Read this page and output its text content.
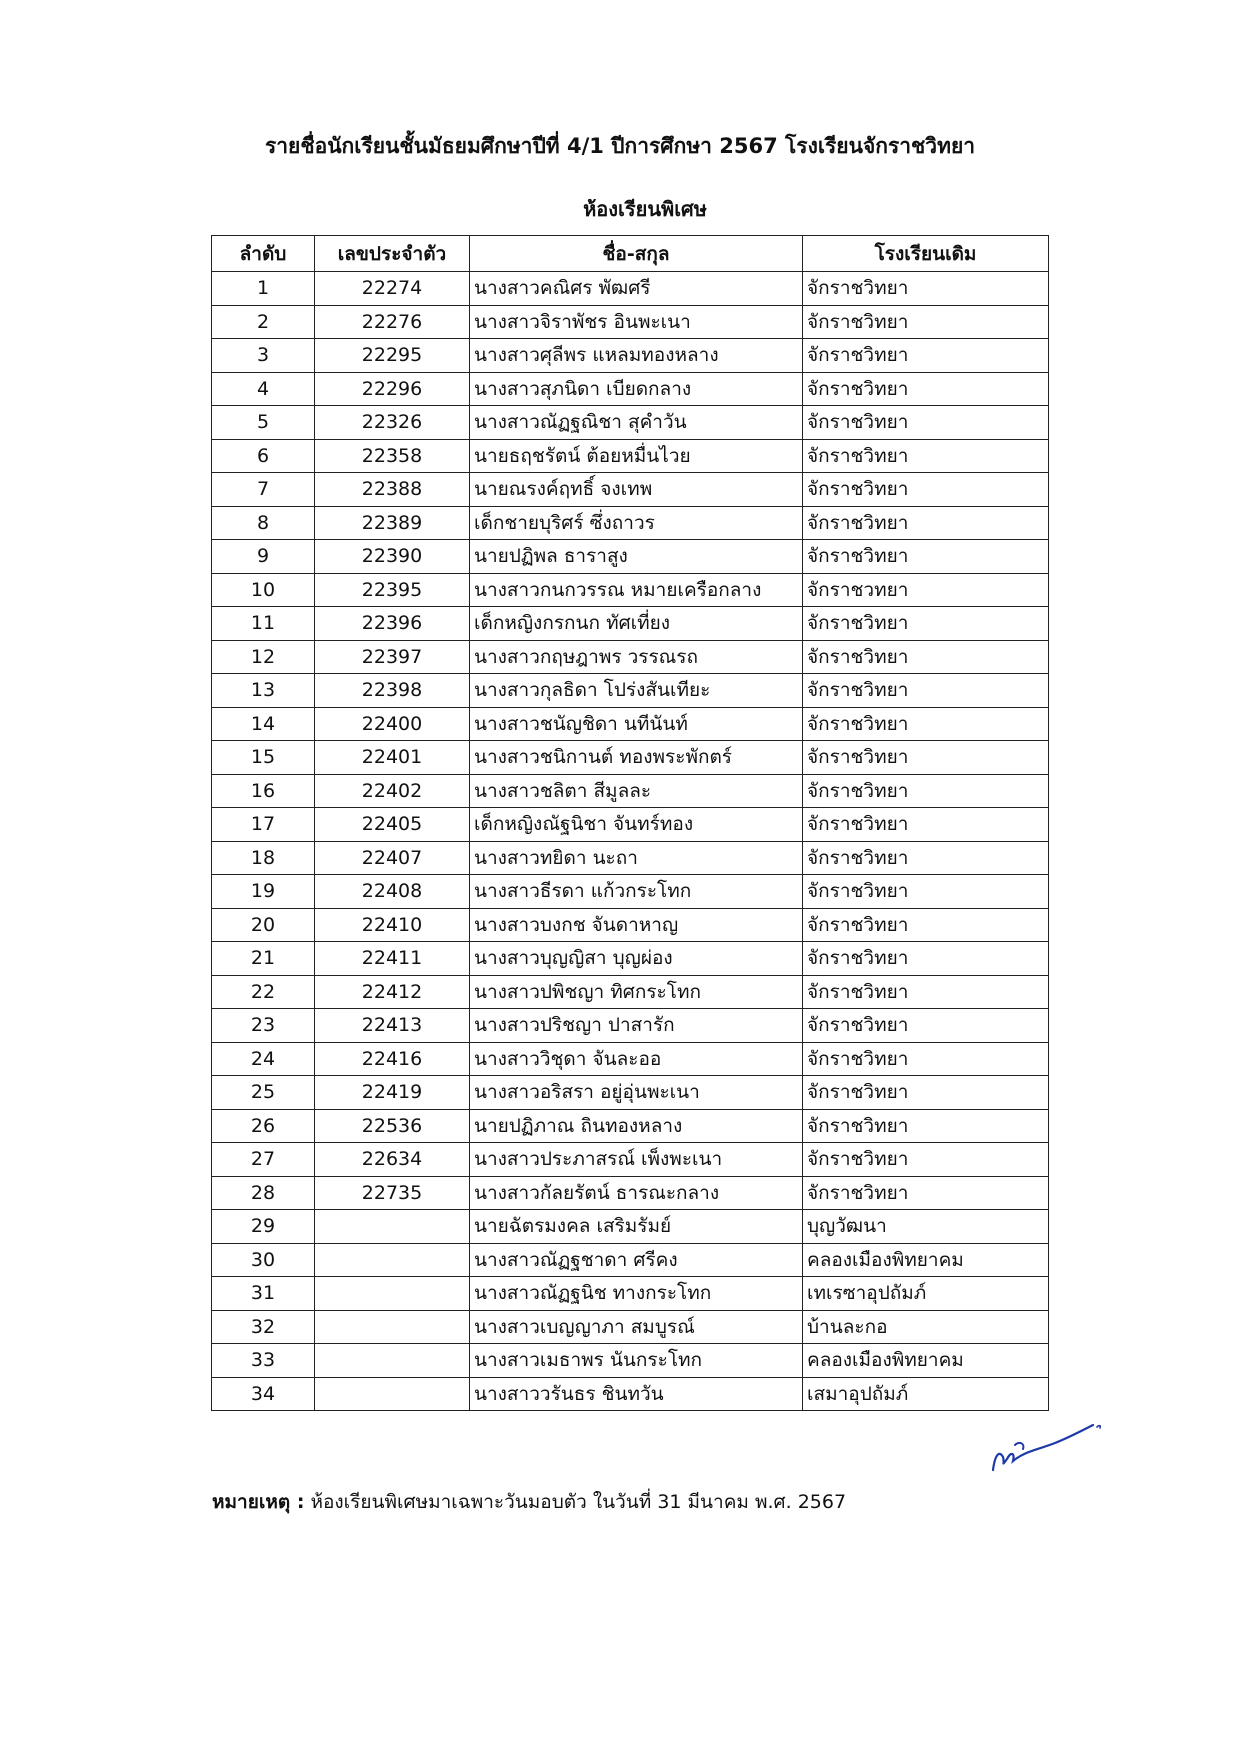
รายชื่อนักเรียนชั้นมัธยมศึกษาปีที่ 4/1 ปีการศึกษา 2567 โรงเรียนจักราชวิทยา
ห้องเรียนพิเศษ
ลำดับ	เลขประจำตัว	ชื่อ-สกุล	โรงเรียนเดิม
1	22274	นางสาวคณิศร พัฒศรี	จักราชวิทยา
2	22276	นางสาวจิราพัชร อินพะเนา	จักราชวิทยา
3	22295	นางสาวศุลีพร แหลมทองหลาง	จักราชวิทยา
4	22296	นางสาวสุภนิดา เบียดกลาง	จักราชวิทยา
5	22326	นางสาวณัฏฐณิชา สุคำวัน	จักราชวิทยา
6	22358	นายธฤชรัตน์ ต้อยหมื่นไวย	จักราชวิทยา
7	22388	นายณรงค์ฤทธิ์ จงเทพ	จักราชวิทยา
8	22389	เด็กชายบุริศร์ ซึ่งถาวร	จักราชวิทยา
9	22390	นายปฏิพล ธาราสูง	จักราชวิทยา
10	22395	นางสาวกนกวรรณ หมายเครือกลาง	จักราชวทยา
11	22396	เด็กหญิงกรกนก ทัศเที่ยง	จักราชวิทยา
12	22397	นางสาวกฤษฎาพร วรรณรถ	จักราชวิทยา
13	22398	นางสาวกุลธิดา โปร่งสันเทียะ	จักราชวิทยา
14	22400	นางสาวชนัญชิดา นทีนันท์	จักราชวิทยา
15	22401	นางสาวชนิกานต์ ทองพระพักตร์	จักราชวิทยา
16	22402	นางสาวชลิตา สีมูลละ	จักราชวิทยา
17	22405	เด็กหญิงณัฐนิชา จันทร์ทอง	จักราชวิทยา
18	22407	นางสาวทยิดา นะถา	จักราชวิทยา
19	22408	นางสาวธีรดา แก้วกระโทก	จักราชวิทยา
20	22410	นางสาวบงกช จันดาหาญ	จักราชวิทยา
21	22411	นางสาวบุญญิสา บุญผ่อง	จักราชวิทยา
22	22412	นางสาวปพิชญา ทิศกระโทก	จักราชวิทยา
23	22413	นางสาวปริชญา ปาสารัก	จักราชวิทยา
24	22416	นางสาววิชุดา จันละออ	จักราชวิทยา
25	22419	นางสาวอริสรา อยู่อุ่นพะเนา	จักราชวิทยา
26	22536	นายปฏิภาณ ถินทองหลาง	จักราชวิทยา
27	22634	นางสาวประภาสรณ์ เพ็งพะเนา	จักราชวิทยา
28	22735	นางสาวกัลยรัตน์ ธารณะกลาง	จักราชวิทยา
29		นายฉัตรมงคล เสริมรัมย์	บุญวัฒนา
30		นางสาวณัฏฐชาดา ศรีคง	คลองเมืองพิทยาคม
31		นางสาวณัฏฐนิช ทางกระโทก	เทเรซาอุปถัมภ์
32		นางสาวเบญญาภา สมบูรณ์	บ้านละกอ
33		นางสาวเมธาพร นันกระโทก	คลองเมืองพิทยาคม
34		นางสาววรันธร ชินทวัน	เสมาอุปถัมภ์
หมายเหตุ : ห้องเรียนพิเศษมาเฉพาะวันมอบตัว ในวันที่ 31 มีนาคม พ.ศ. 2567
